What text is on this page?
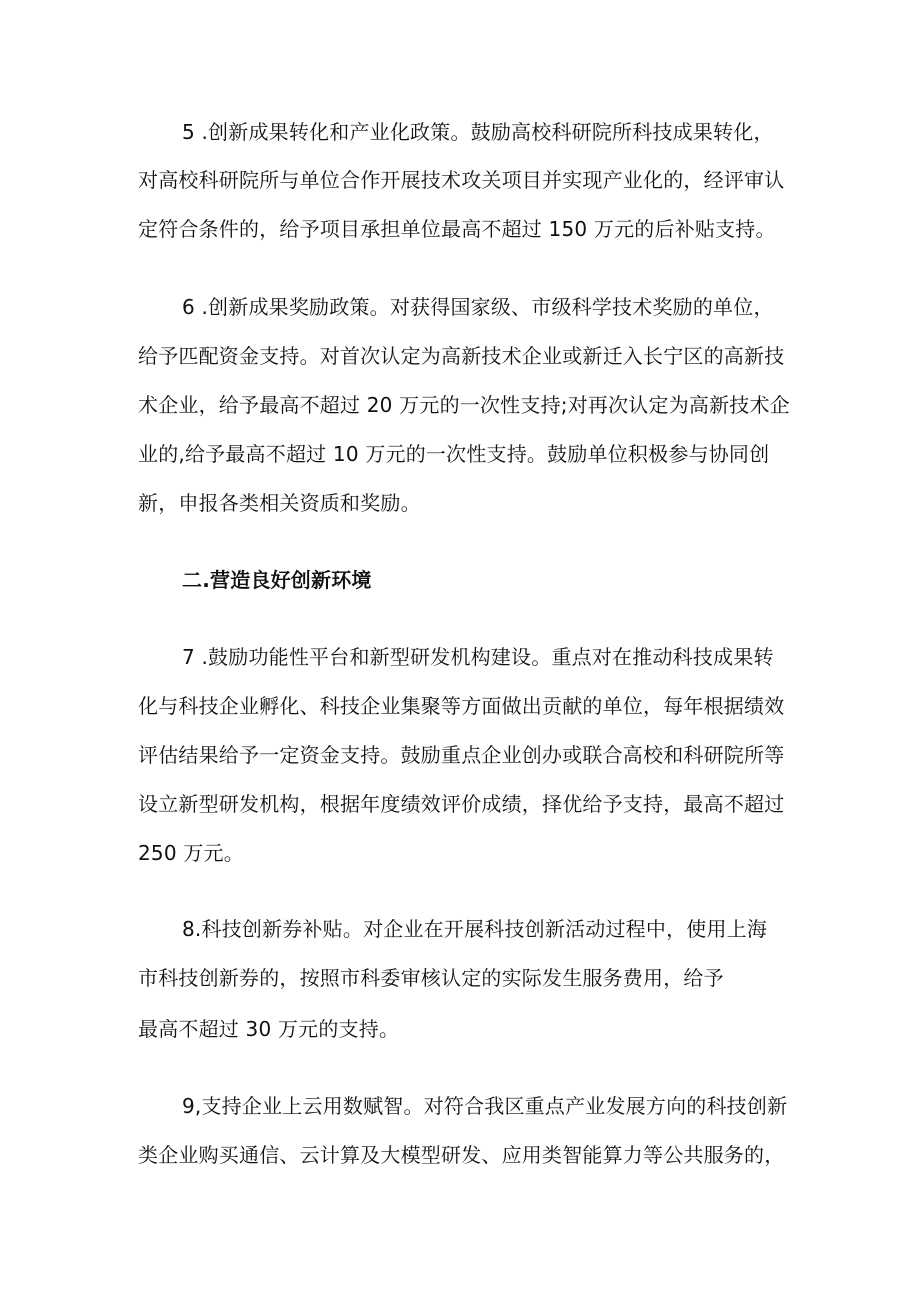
5 .创新成果转化和产业化政策。鼓励高校科研院所科技成果转化，
对高校科研院所与单位合作开展技术攻关项目并实现产业化的，经评审认
定符合条件的，给予项目承担单位最高不超过 150 万元的后补贴支持。
6 .创新成果奖励政策。对获得国家级、市级科学技术奖励的单位，
给予匹配资金支持。对首次认定为高新技术企业或新迁入长宁区的高新技
术企业，给予最高不超过 20 万元的一次性支持;对再次认定为高新技术企
业的,给予最高不超过 10 万元的一次性支持。鼓励单位积极参与协同创
新，申报各类相关资质和奖励。
二.营造良好创新环境
7 .鼓励功能性平台和新型研发机构建设。重点对在推动科技成果转
化与科技企业孵化、科技企业集聚等方面做出贡献的单位，每年根据绩效
评估结果给予一定资金支持。鼓励重点企业创办或联合高校和科研院所等
设立新型研发机构，根据年度绩效评价成绩，择优给予支持，最高不超过
250 万元。
8.科技创新券补贴。对企业在开展科技创新活动过程中，使用上海
市科技创新券的，按照市科委审核认定的实际发生服务费用，给予
最高不超过 30 万元的支持。
9,支持企业上云用数赋智。对符合我区重点产业发展方向的科技创新
类企业购买通信、云计算及大模型研发、应用类智能算力等公共服务的，
